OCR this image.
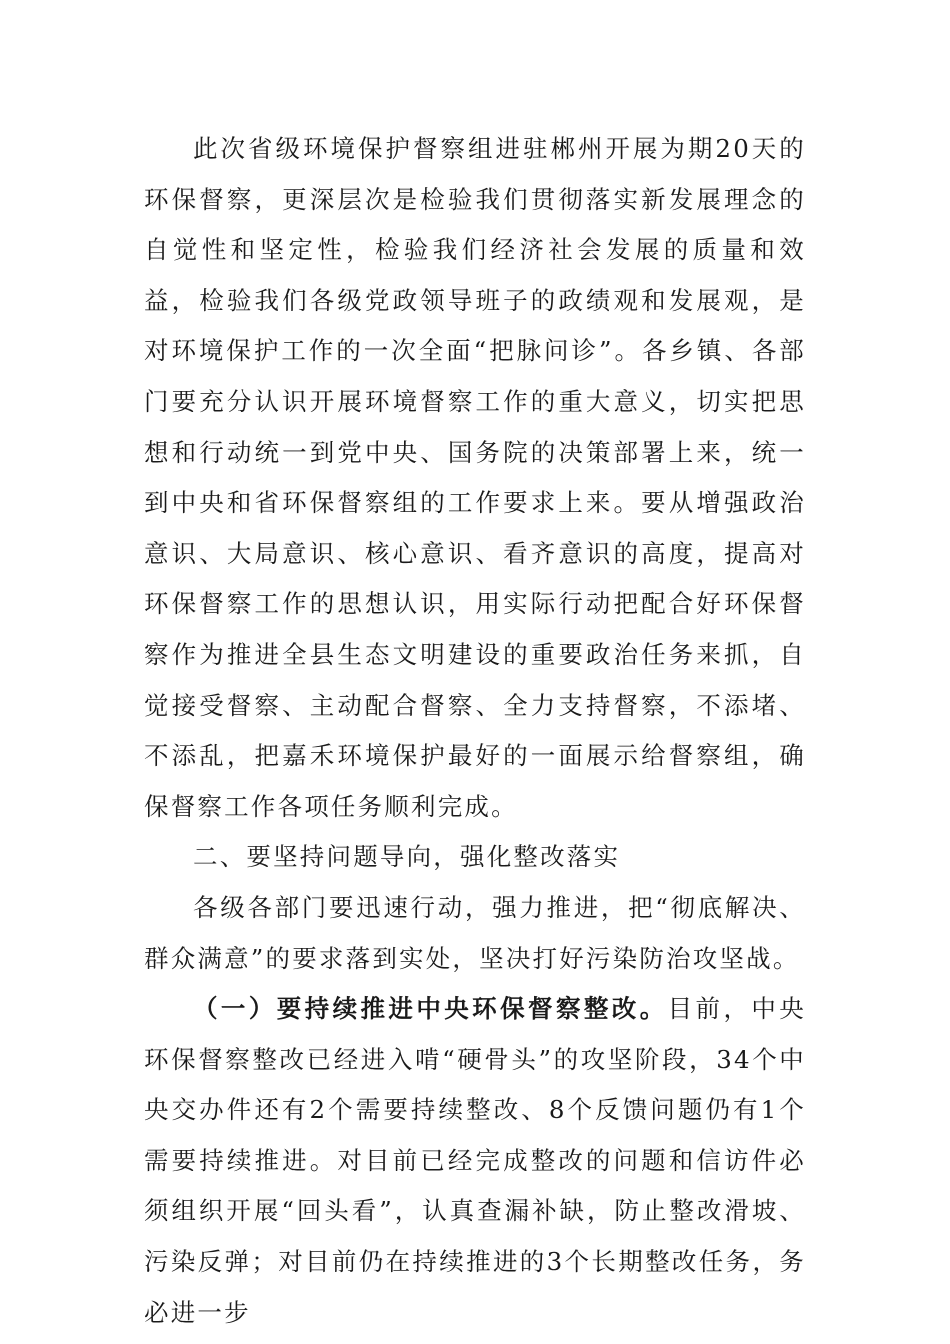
此次省级环境保护督察组进驻郴州开展为期20天的环保督察，更深层次是检验我们贯彻落实新发展理念的自觉性和坚定性，检验我们经济社会发展的质量和效益，检验我们各级党政领导班子的政绩观和发展观，是对环境保护工作的一次全面“把脉问诊”。各乡镇、各部门要充分认识开展环境督察工作的重大意义，切实把思想和行动统一到党中央、国务院的决策部署上来，统一到中央和省环保督察组的工作要求上来。要从增强政治意识、大局意识、核心意识、看齐意识的高度，提高对环保督察工作的思想认识，用实际行动把配合好环保督察作为推进全县生态文明建设的重要政治任务来抓，自觉接受督察、主动配合督察、全力支持督察，不添堵、不添乱，把嘉禾环境保护最好的一面展示给督察组，确保督察工作各项任务顺利完成。

二、要坚持问题导向，强化整改落实

各级各部门要迅速行动，强力推进，把“彻底解决、群众满意”的要求落到实处，坚决打好污染防治攻坚战。

（一）要持续推进中央环保督察整改。目前，中央环保督察整改已经进入啃“硬骨头”的攻坚阶段，34个中央交办件还有2个需要持续整改、8个反馈问题仍有1个需要持续推进。对目前已经完成整改的问题和信访件必须组织开展“回头看”，认真查漏补缺，防止整改滑坡、污染反弹；对目前仍在持续推进的3个长期整改任务，务必进一步
